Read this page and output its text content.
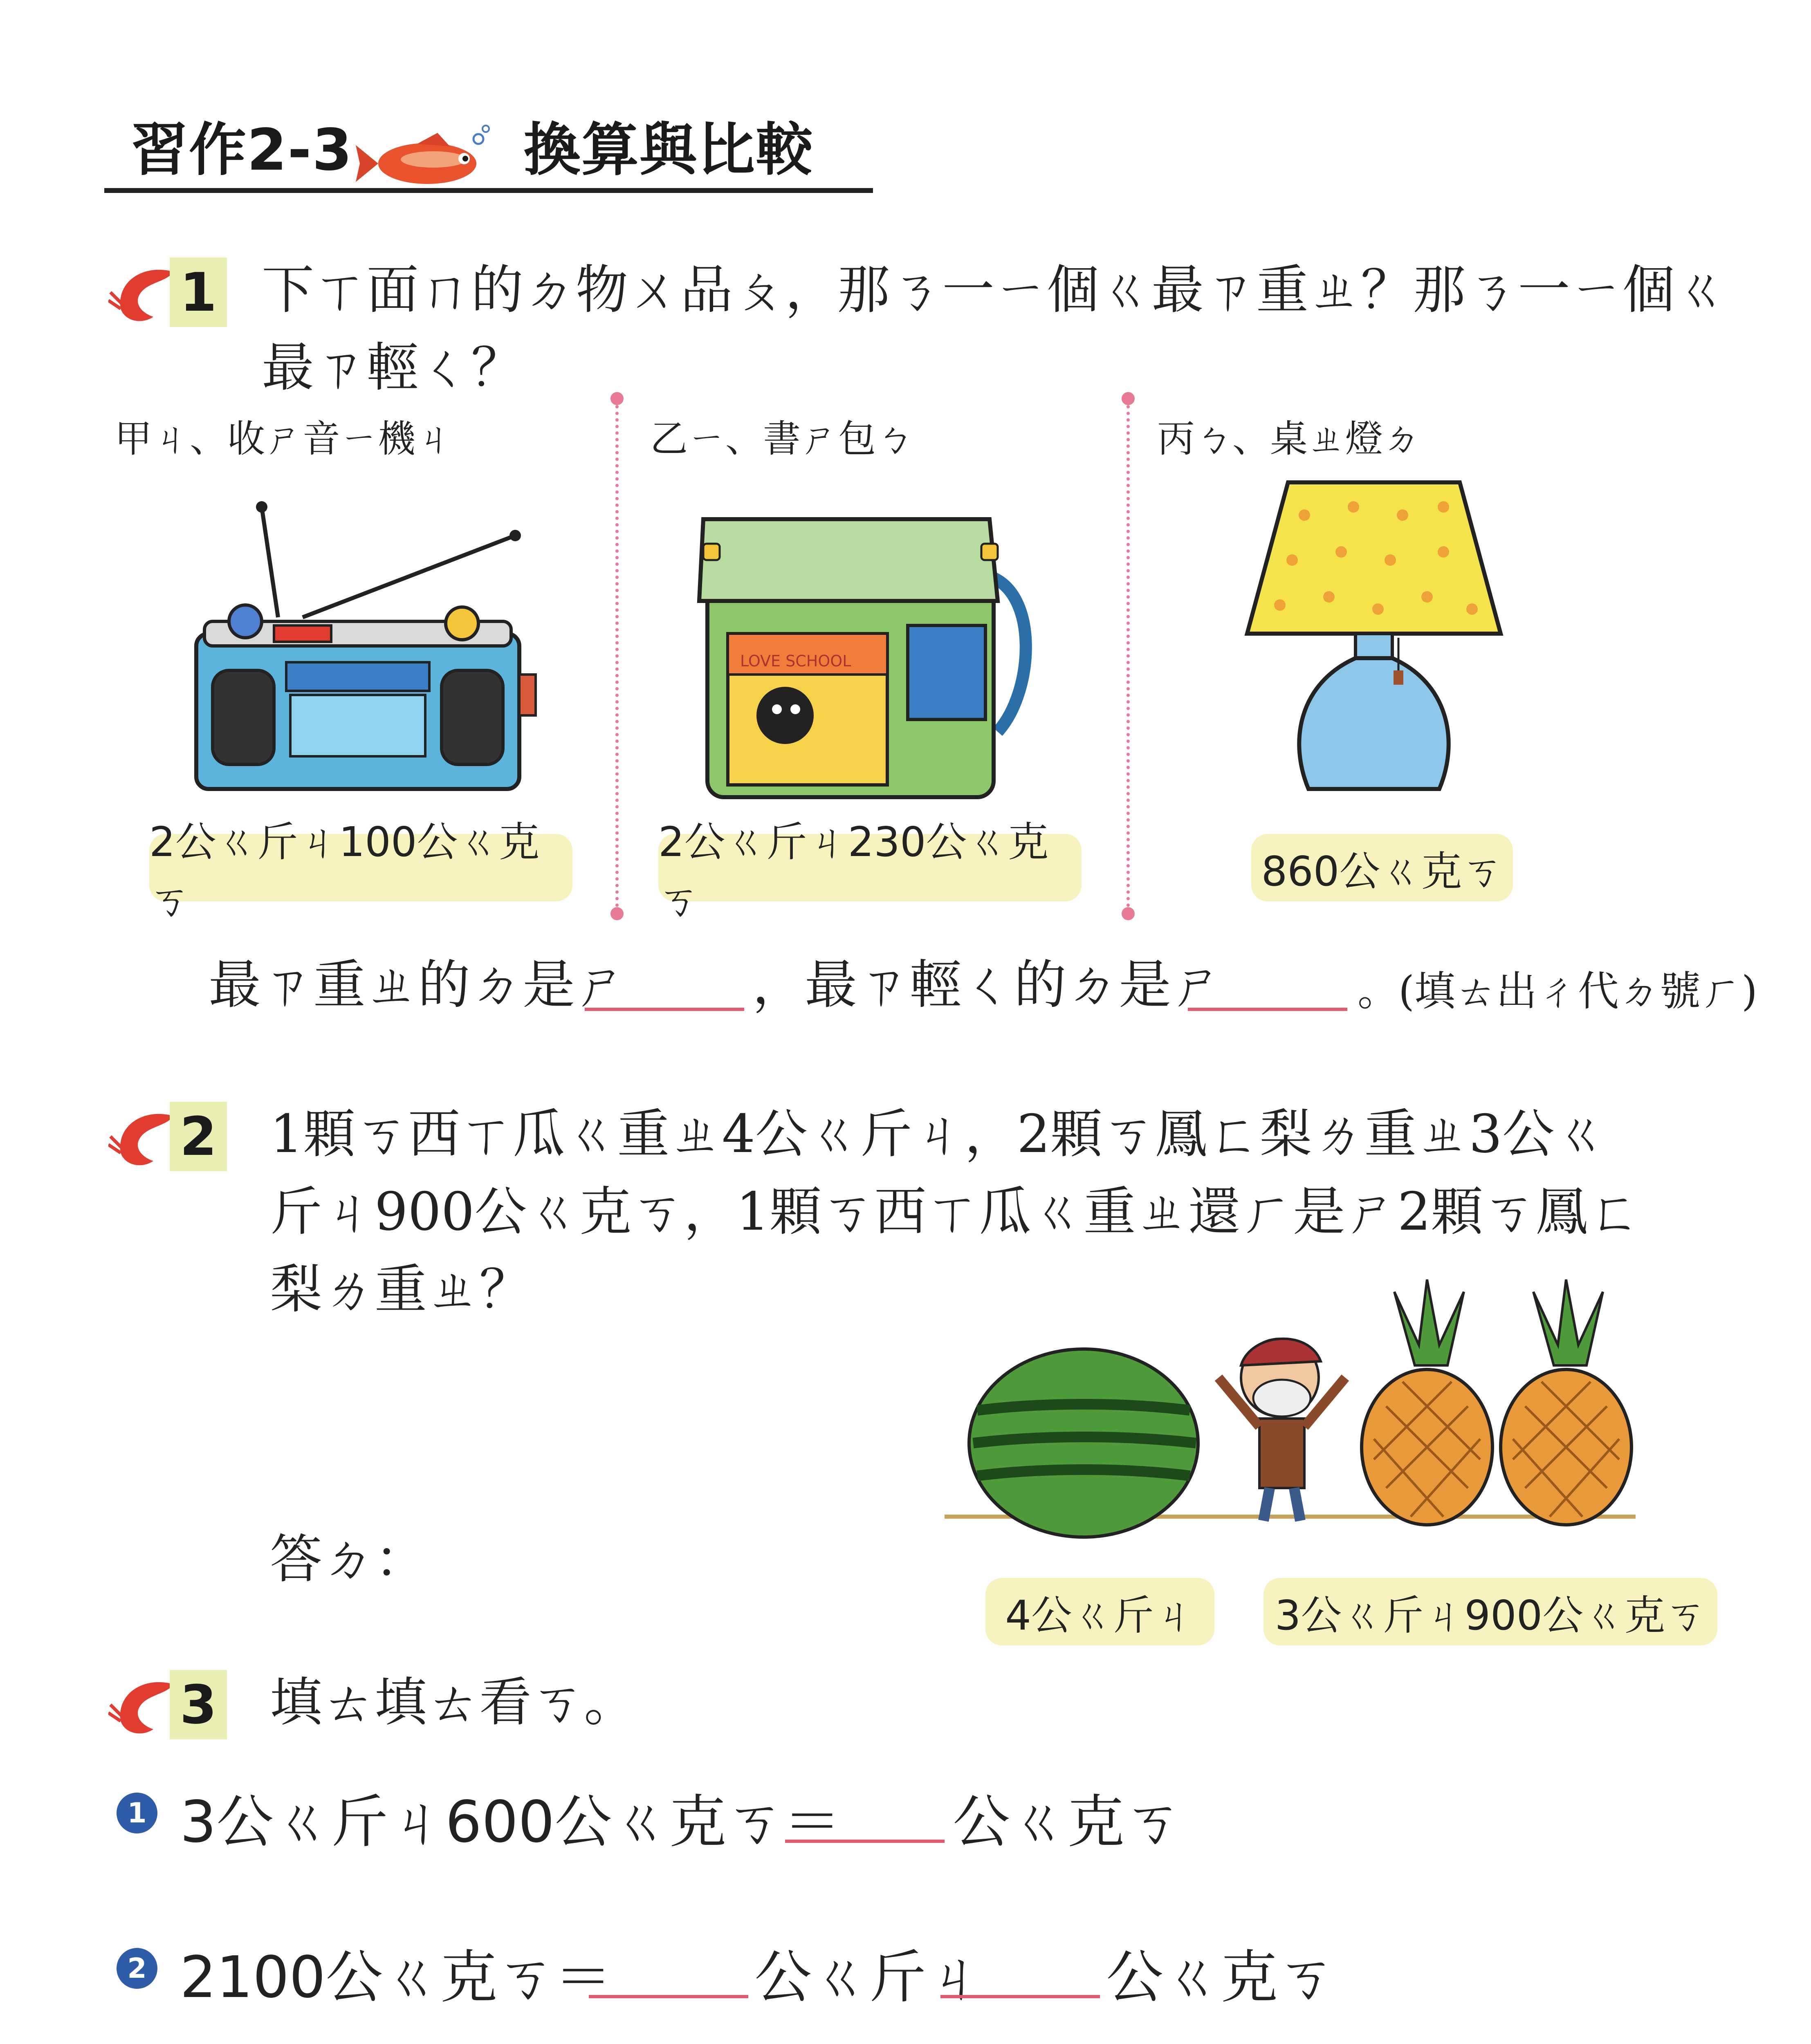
習作2-3	換算與比較
1 下ㄒ面ㄇ的ㄉ物ㄨ品ㄆ，那ㄋ一ㄧ個ㄍ最ㄗ重ㄓ？那ㄋ一ㄧ個ㄍ最ㄗ輕ㄑ？
甲ㄐ、收ㄕ音ㄧ機ㄐ	乙ㄧ、書ㄕ包ㄅ	丙ㄅ、桌ㄓ燈ㄉ
LOVE SCHOOL
2公ㄍ斤ㄐ100公ㄍ克ㄎ
2公ㄍ斤ㄐ230公ㄍ克ㄎ
860公ㄍ克ㄎ
最ㄗ重ㄓ的ㄉ是ㄕ ，最ㄗ輕ㄑ的ㄉ是ㄕ	。(填ㄊ出ㄔ代ㄉ號ㄏ)
2 1顆ㄎ西ㄒ瓜ㄍ重ㄓ4公ㄍ斤ㄐ，2顆ㄎ鳳ㄈ梨ㄌ重ㄓ3公ㄍ
斤ㄐ900公ㄍ克ㄎ，1顆ㄎ西ㄒ瓜ㄍ重ㄓ還ㄏ是ㄕ2顆ㄎ鳳ㄈ
梨ㄌ重ㄓ？
答ㄉ：
4公ㄍ斤ㄐ	3公ㄍ斤ㄐ900公ㄍ克ㄎ
3 填ㄊ填ㄊ看ㄎ。
1 3公ㄍ斤ㄐ600公ㄍ克ㄎ＝ 公ㄍ克ㄎ
2 2100公ㄍ克ㄎ＝ 公ㄍ斤ㄐ 公ㄍ克ㄎ
